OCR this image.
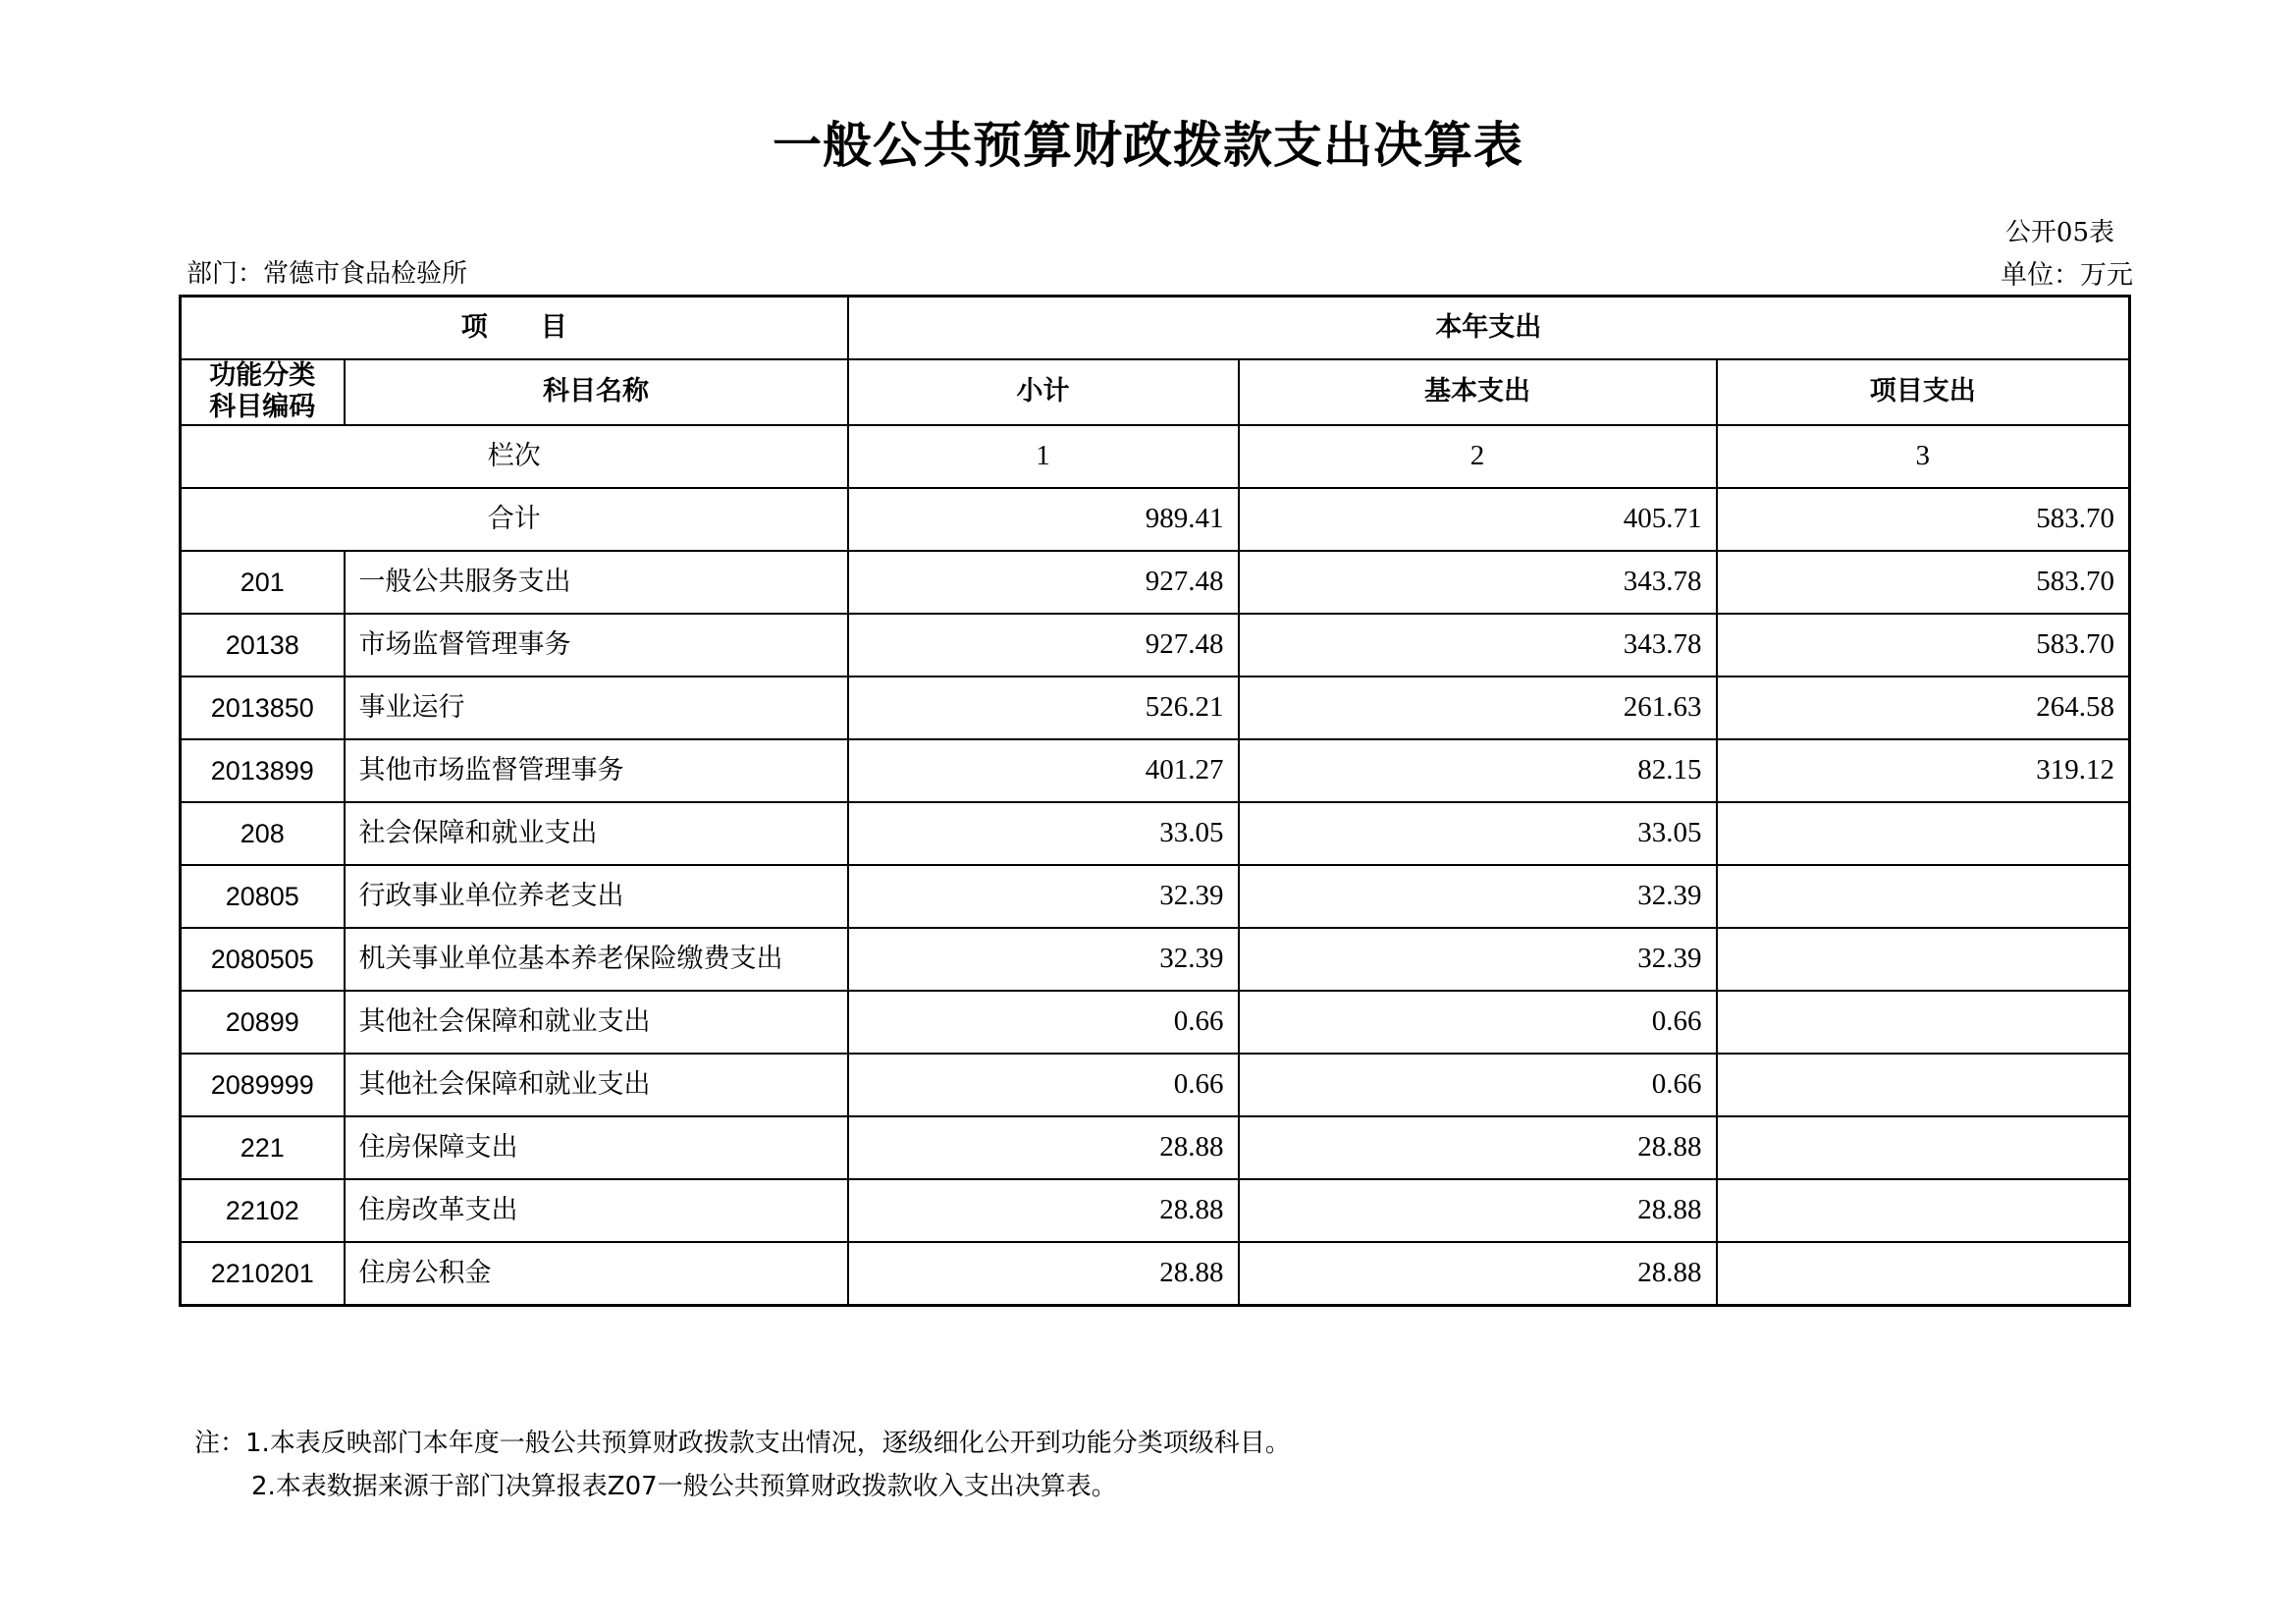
一般公共预算财政拨款支出决算表
公开05表
部门：常德市食品检验所	单位：万元
项　　目		本年支出		
功能分类科目编码	科目名称	小计	基本支出	项目支出
栏次		1	2	3
合计		989.41	405.71	583.70
201	一般公共服务支出	927.48	343.78	583.70
20138	市场监督管理事务	927.48	343.78	583.70
2013850	事业运行	526.21	261.63	264.58
2013899	其他市场监督管理事务	401.27	82.15	319.12
208	社会保障和就业支出	33.05	33.05	
20805	行政事业单位养老支出	32.39	32.39	
2080505	机关事业单位基本养老保险缴费支出	32.39	32.39	
20899	其他社会保障和就业支出	0.66	0.66	
2089999	其他社会保障和就业支出	0.66	0.66	
221	住房保障支出	28.88	28.88	
22102	住房改革支出	28.88	28.88	
2210201	住房公积金	28.88	28.88	
注：1.本表反映部门本年度一般公共预算财政拨款支出情况，逐级细化公开到功能分类项级科目。
2.本表数据来源于部门决算报表Z07一般公共预算财政拨款收入支出决算表。
